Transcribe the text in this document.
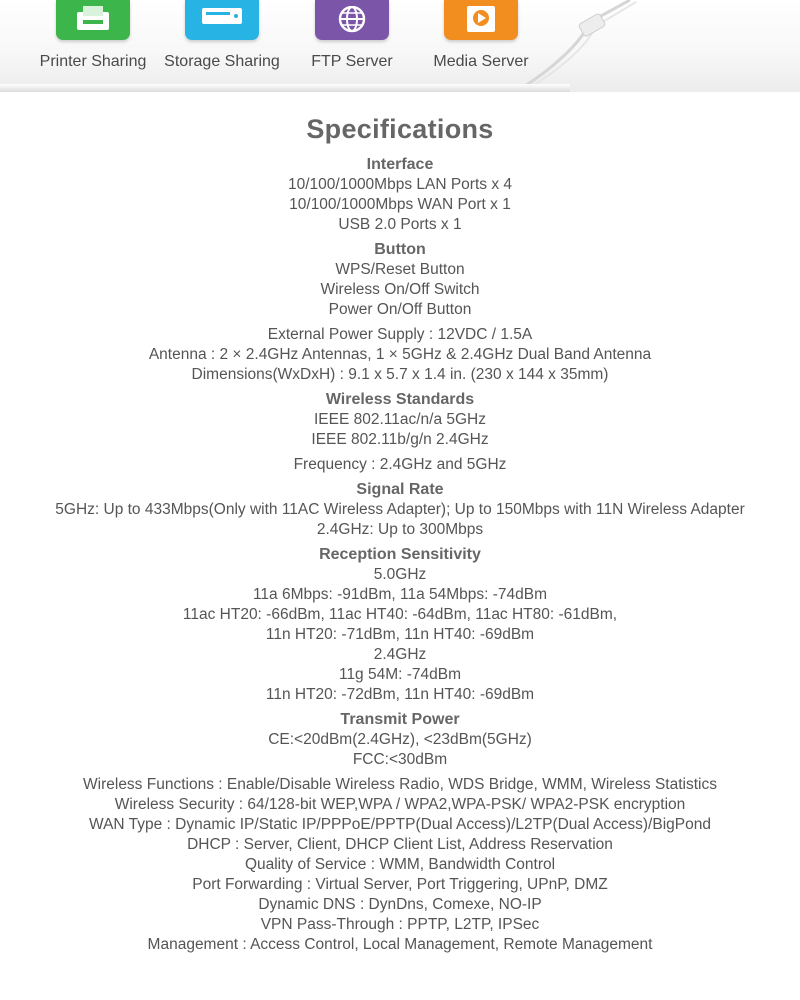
Printer Sharing	Storage Sharing	FTP Server	Media Server
Specifications
Interface
10/100/1000Mbps LAN Ports x 4
10/100/1000Mbps WAN Port x 1
USB 2.0 Ports x 1
Button
WPS/Reset Button
Wireless On/Off Switch
Power On/Off Button
External Power Supply : 12VDC / 1.5A
Antenna : 2 × 2.4GHz Antennas, 1 × 5GHz & 2.4GHz Dual Band Antenna
Dimensions(WxDxH) : 9.1 x 5.7 x 1.4 in. (230 x 144 x 35mm)
Wireless Standards
IEEE 802.11ac/n/a 5GHz
IEEE 802.11b/g/n 2.4GHz
Frequency : 2.4GHz and 5GHz
Signal Rate
5GHz: Up to 433Mbps(Only with 11AC Wireless Adapter); Up to 150Mbps with 11N Wireless Adapter
2.4GHz: Up to 300Mbps
Reception Sensitivity
5.0GHz
11a 6Mbps: -91dBm, 11a 54Mbps: -74dBm
11ac HT20: -66dBm, 11ac HT40: -64dBm, 11ac HT80: -61dBm,
11n HT20: -71dBm, 11n HT40: -69dBm
2.4GHz
11g 54M: -74dBm
11n HT20: -72dBm, 11n HT40: -69dBm
Transmit Power
CE:<20dBm(2.4GHz), <23dBm(5GHz)
FCC:<30dBm
Wireless Functions : Enable/Disable Wireless Radio, WDS Bridge, WMM, Wireless Statistics
Wireless Security : 64/128-bit WEP,WPA / WPA2,WPA-PSK/ WPA2-PSK encryption
WAN Type : Dynamic IP/Static IP/PPPoE/PPTP(Dual Access)/L2TP(Dual Access)/BigPond
DHCP : Server, Client, DHCP Client List, Address Reservation
Quality of Service : WMM, Bandwidth Control
Port Forwarding : Virtual Server, Port Triggering, UPnP, DMZ
Dynamic DNS : DynDns, Comexe, NO-IP
VPN Pass-Through : PPTP, L2TP, IPSec
Management : Access Control, Local Management, Remote Management
